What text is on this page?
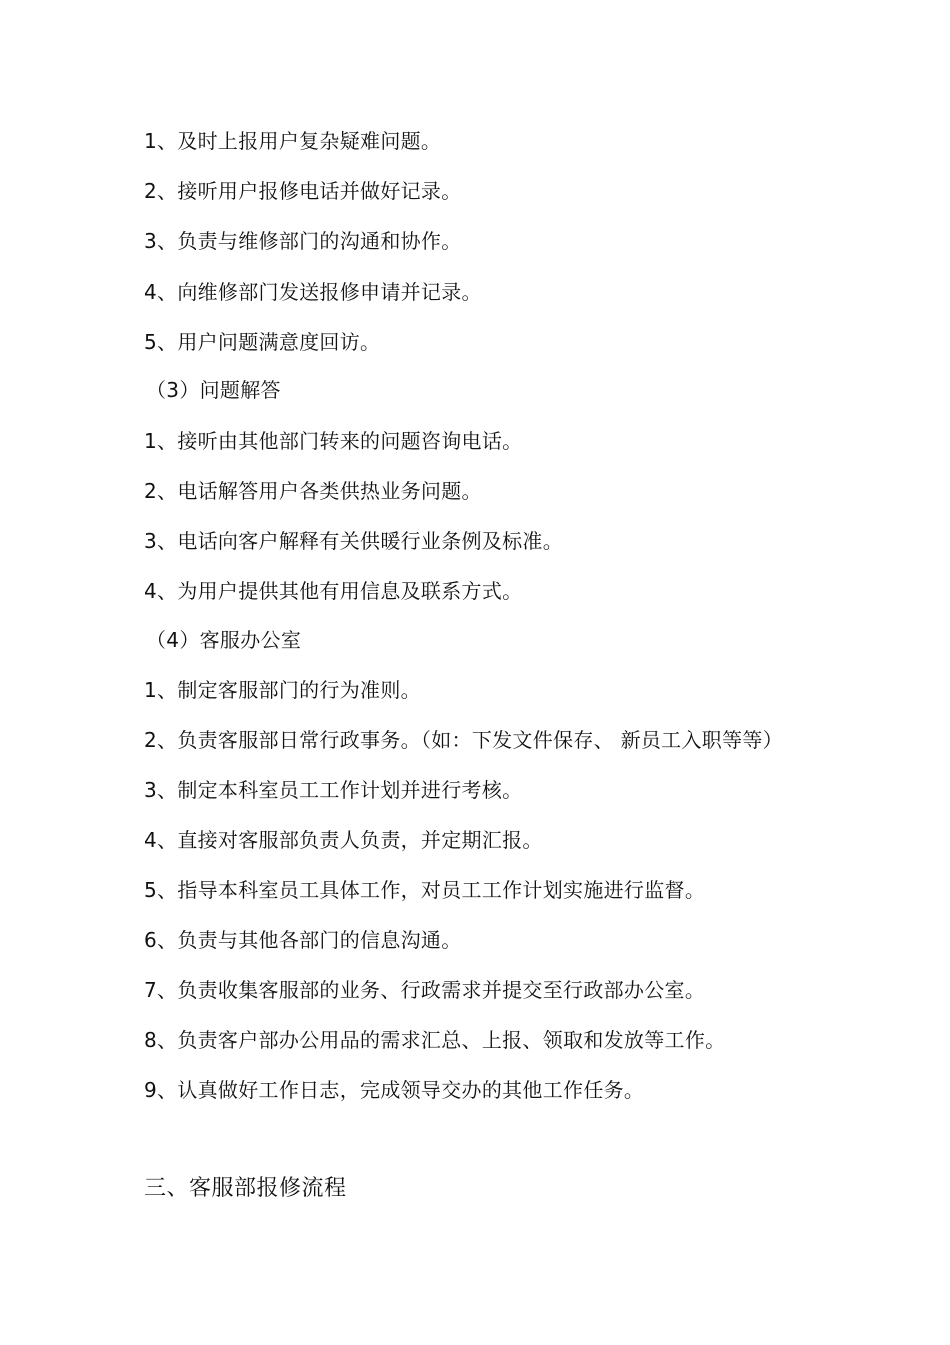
1、及时上报用户复杂疑难问题。
2、接听用户报修电话并做好记录。
3、负责与维修部门的沟通和协作。
4、向维修部门发送报修申请并记录。
5、用户问题满意度回访。
（3）问题解答
1、接听由其他部门转来的问题咨询电话。
2、电话解答用户各类供热业务问题。
3、电话向客户解释有关供暖行业条例及标准。
4、为用户提供其他有用信息及联系方式。
（4）客服办公室
1、制定客服部门的行为准则。
2、负责客服部日常行政事务。（如：下发文件保存、 新员工入职等等）
3、制定本科室员工工作计划并进行考核。
4、直接对客服部负责人负责，并定期汇报。
5、指导本科室员工具体工作，对员工工作计划实施进行监督。
6、负责与其他各部门的信息沟通。
7、负责收集客服部的业务、行政需求并提交至行政部办公室。
8、负责客户部办公用品的需求汇总、上报、领取和发放等工作。
9、认真做好工作日志，完成领导交办的其他工作任务。
三、客服部报修流程
